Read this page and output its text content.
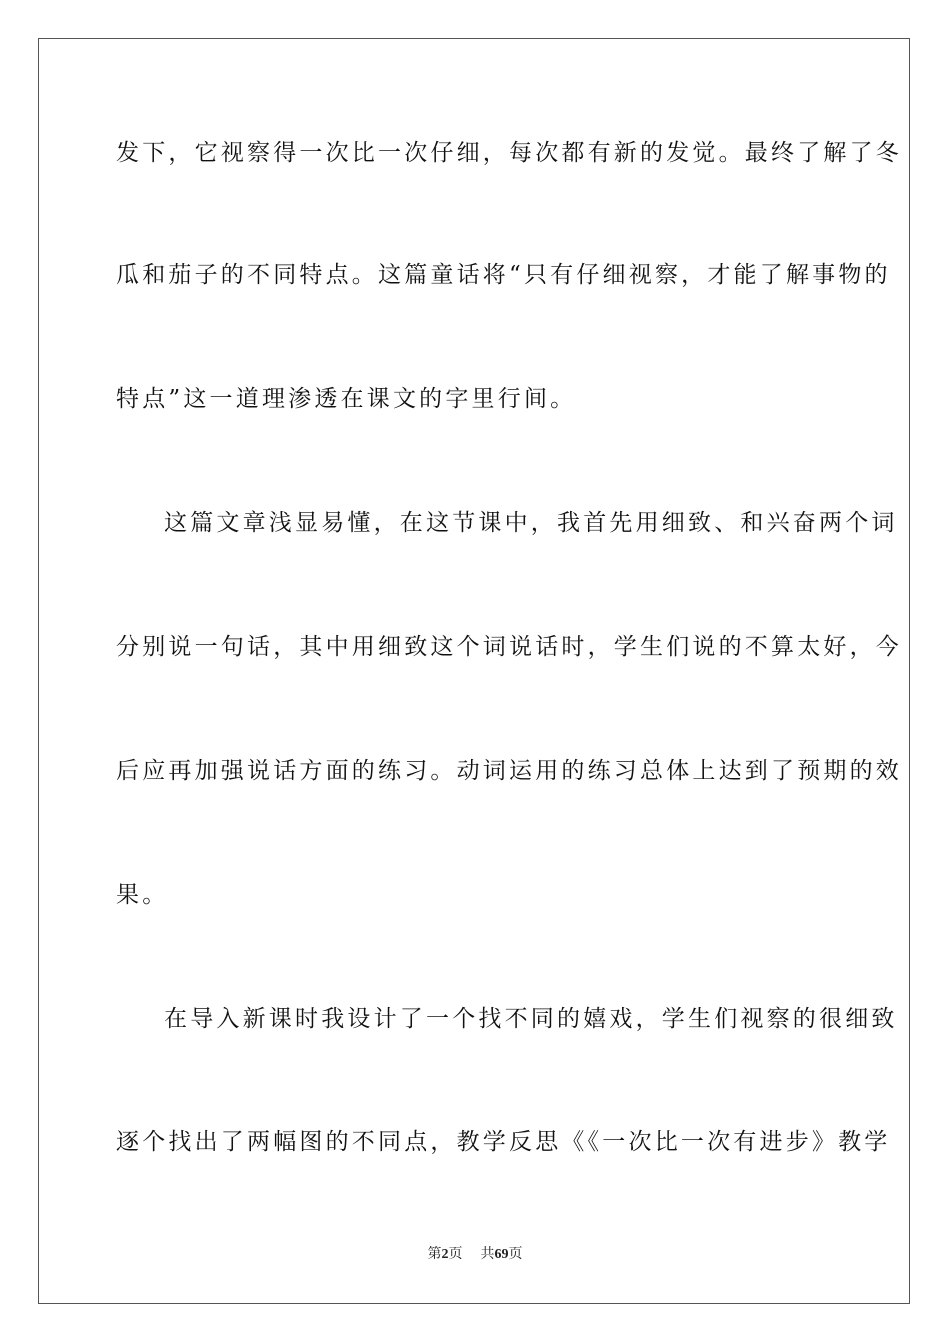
发下，它视察得一次比一次仔细，每次都有新的发觉。最终了解了冬
瓜和茄子的不同特点。这篇童话将“只有仔细视察，才能了解事物的
特点”这一道理渗透在课文的字里行间。
这篇文章浅显易懂，在这节课中，我首先用细致、和兴奋两个词
分别说一句话，其中用细致这个词说话时，学生们说的不算太好，今
后应再加强说话方面的练习。动词运用的练习总体上达到了预期的效
果。
在导入新课时我设计了一个找不同的嬉戏，学生们视察的很细致
逐个找出了两幅图的不同点，教学反思《《一次比一次有进步》教学
第2页 共69页
